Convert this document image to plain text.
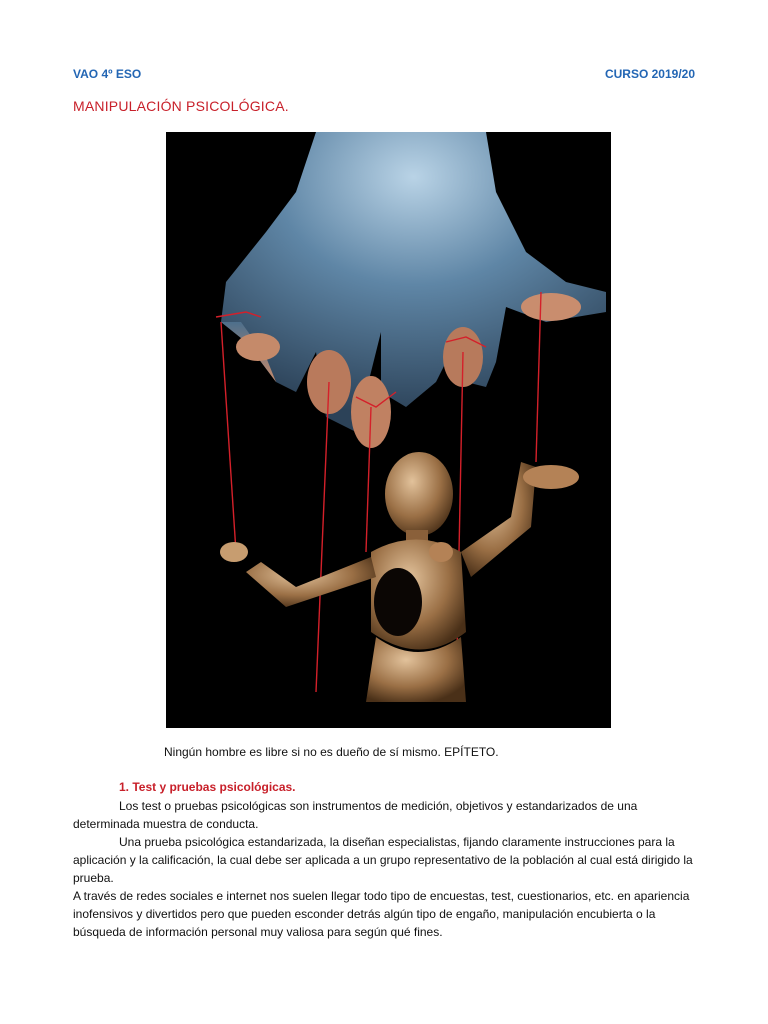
VAO 4º ESO	CURSO 2019/20
MANIPULACIÓN PSICOLÓGICA.
Ningún hombre es libre si no es dueño de sí mismo. EPÍTETO.
1. Test y pruebas psicológicas.

Los test o pruebas psicológicas son instrumentos de medición, objetivos y estandarizados de una determinada muestra de conducta.

Una prueba psicológica estandarizada, la diseñan especialistas, fijando claramente instrucciones para la aplicación y la calificación, la cual debe ser aplicada a un grupo representativo de la población al cual está dirigido la prueba.

A través de redes sociales e internet nos suelen llegar todo tipo de encuestas, test, cuestionarios, etc. en apariencia inofensivos y divertidos pero que pueden esconder detrás algún tipo de engaño, manipulación encubierta o la búsqueda de información personal muy valiosa para según qué fines.
